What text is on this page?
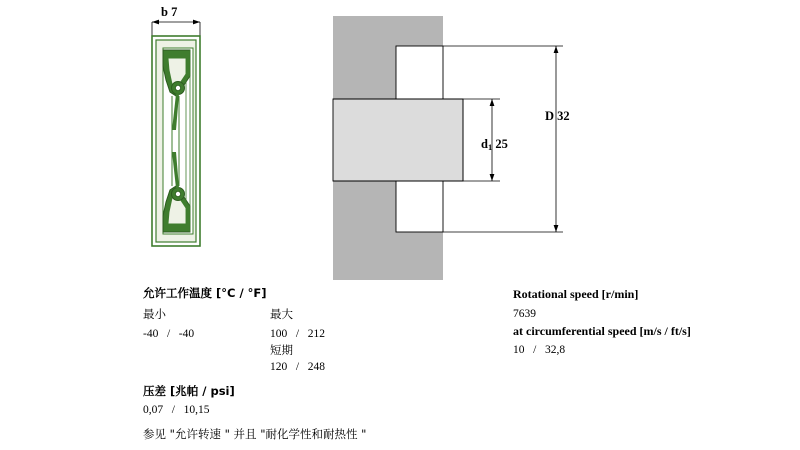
b 7
D 32
$d_1$ 25
允许工作温度 [°C / °F]
最小	最大
-40   /   -40	100   /   212
短期
120   /   248
压差 [兆帕 / psi]
0,07   /   10,15
参见 "允许转速 " 并且 "耐化学性和耐热性 "
Rotational speed [r/min]
7639
at circumferential speed [m/s / ft/s]
10   /   32,8
